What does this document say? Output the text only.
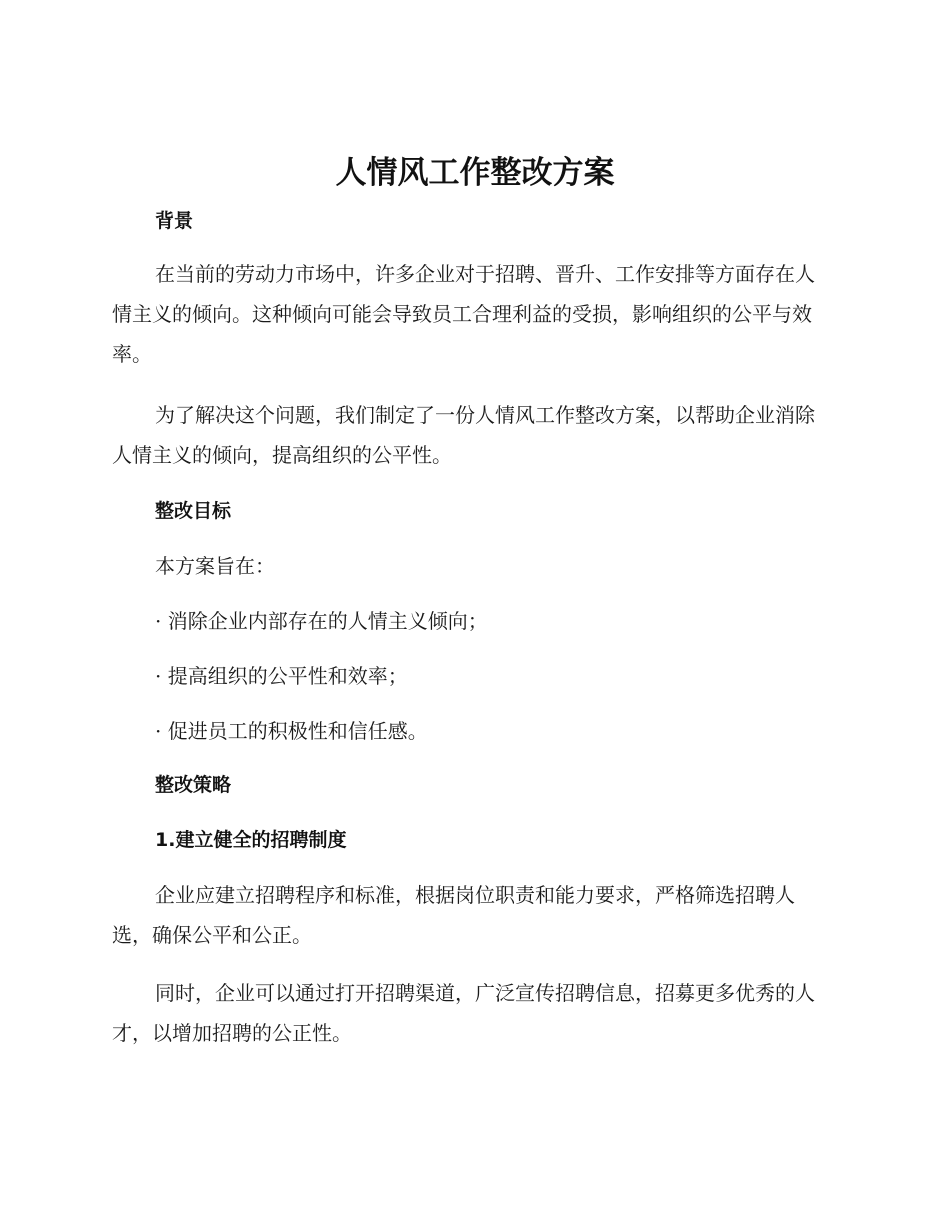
人情风工作整改方案
背景
在当前的劳动力市场中，许多企业对于招聘、晋升、工作安排等方面存在人情主义的倾向。这种倾向可能会导致员工合理利益的受损，影响组织的公平与效率。
为了解决这个问题，我们制定了一份人情风工作整改方案，以帮助企业消除人情主义的倾向，提高组织的公平性。
整改目标
本方案旨在：
· 消除企业内部存在的人情主义倾向；
· 提高组织的公平性和效率；
· 促进员工的积极性和信任感。
整改策略
1.建立健全的招聘制度
企业应建立招聘程序和标准，根据岗位职责和能力要求，严格筛选招聘人选，确保公平和公正。
同时，企业可以通过打开招聘渠道，广泛宣传招聘信息，招募更多优秀的人才，以增加招聘的公正性。
